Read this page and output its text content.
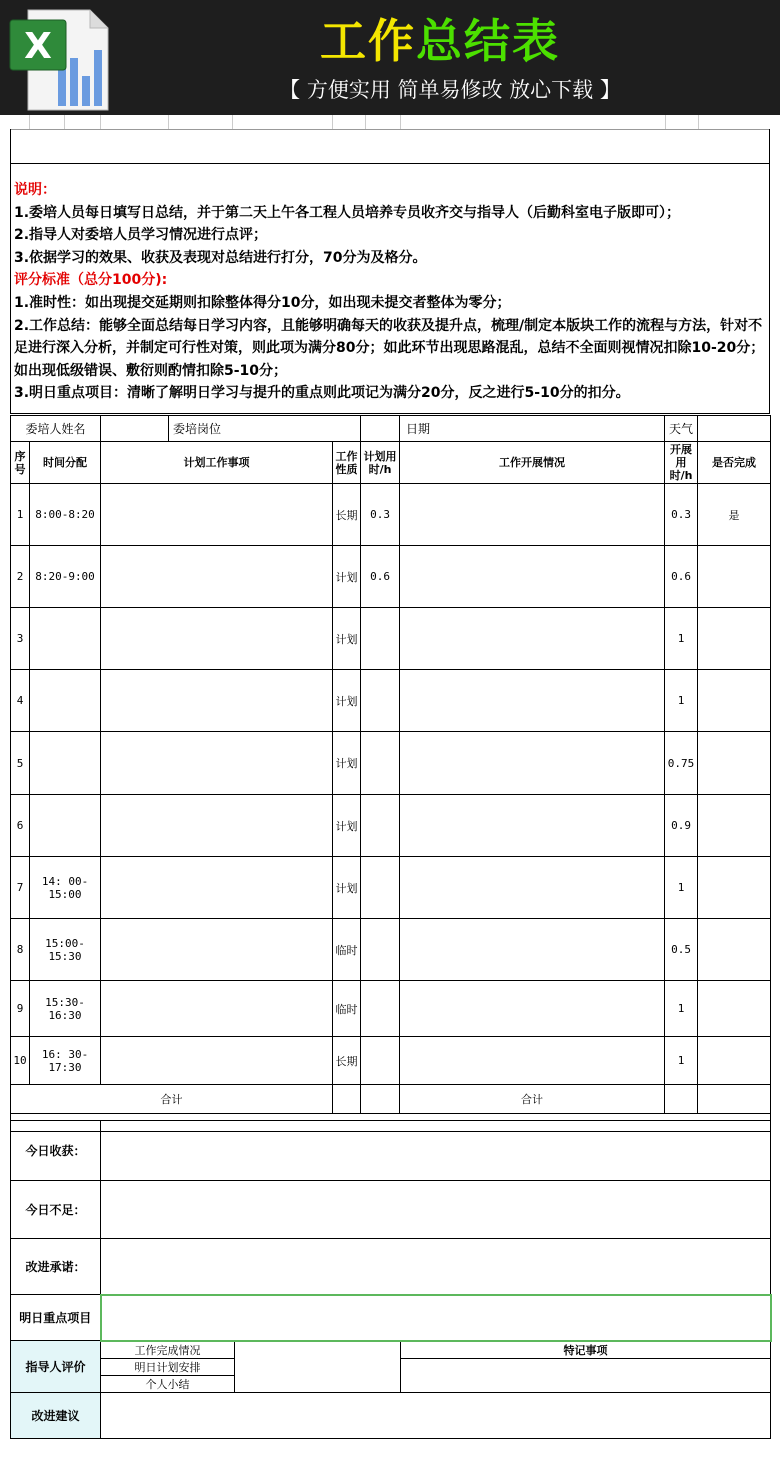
X	工作总结表
【 方便实用 简单易修改 放心下载 】

说明：

1.委培人员每日填写日总结，并于第二天上午各工程人员培养专员收齐交与指导人（后勤科室电子版即可）；

2.指导人对委培人员学习情况进行点评；

3.依据学习的效果、收获及表现对总结进行打分，70分为及格分。

评分标准（总分100分):

1.准时性：如出现提交延期则扣除整体得分10分，如出现未提交者整体为零分；

2.工作总结：能够全面总结每日学习内容，且能够明确每天的收获及提升点，梳理/制定本版块工作的流程与方法，针对不足进行深入分析，并制定可行性对策，则此项为满分80分；如此环节出现思路混乱，总结不全面则视情况扣除10-20分；如出现低级错误、敷衍则酌情扣除5-10分；

3.明日重点项目：清晰了解明日学习与提升的重点则此项记为满分20分，反之进行5-10分的扣分。

委培人姓名			委培岗位			日期	天气	
序号	时间分配	计划工作事项		工作性质	计划用时/h	工作开展情况	开展用时/h	是否完成
1	8:00-8:20			长期	0.3		0.3	是
2	8:20-9:00			计划	0.6		0.6	
3				计划			1	
4				计划			1	
5				计划			0.75	
6				计划			0.9	
7	14: 00-15:00			计划			1	
8	15:00-15:30			临时			0.5	
9	15:30-16:30			临时			1	
10	16: 30-17:30			长期			1	
合计						合计		

今日收获：			
今日不足：			
改进承诺：			
明日重点项目			
指导人评价	工作完成情况		特记事项
	明日计划安排		
	个人小结		
改进建议			
